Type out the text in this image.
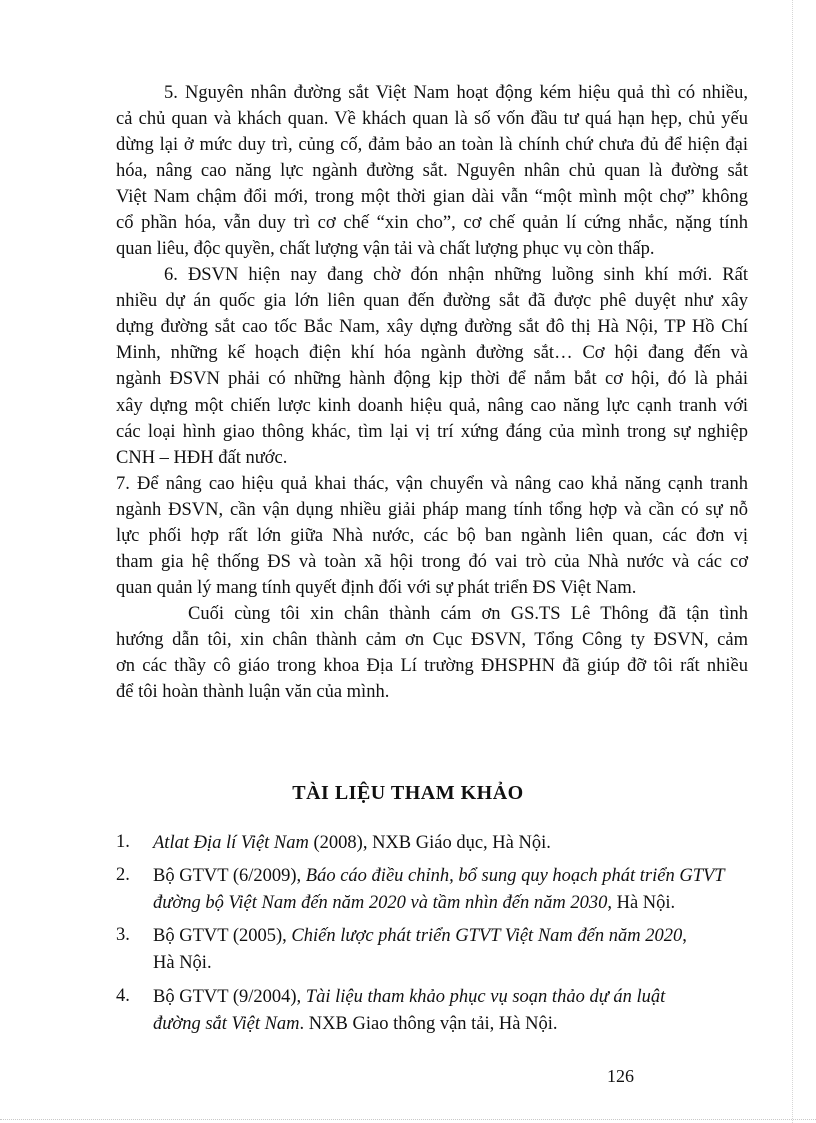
5. Nguyên nhân đường sắt Việt Nam hoạt động kém hiệu quả thì có nhiều,
cả chủ quan và khách quan. Về khách quan là số vốn đầu tư quá hạn hẹp, chủ yếu
dừng lại ở mức duy trì, củng cố, đảm bảo an toàn là chính chứ chưa đủ để hiện đại
hóa, nâng cao năng lực ngành đường sắt. Nguyên nhân chủ quan là đường sắt
Việt Nam chậm đổi mới, trong một thời gian dài vẫn “một mình một chợ” không
cổ phần hóa, vẫn duy trì cơ chế “xin cho”, cơ chế quản lí cứng nhắc, nặng tính
quan liêu, độc quyền, chất lượng vận tải và chất lượng phục vụ còn thấp.
6. ĐSVN hiện nay đang chờ đón nhận những luồng sinh khí mới. Rất
nhiều dự án quốc gia lớn liên quan đến đường sắt đã được phê duyệt như xây
dựng đường sắt cao tốc Bắc Nam, xây dựng đường sắt đô thị Hà Nội, TP Hồ Chí
Minh, những kế hoạch điện khí hóa ngành đường sắt… Cơ hội đang đến và
ngành ĐSVN phải có những hành động kịp thời để nắm bắt cơ hội, đó là phải
xây dựng một chiến lược kinh doanh hiệu quả, nâng cao năng lực cạnh tranh với
các loại hình giao thông khác, tìm lại vị trí xứng đáng của mình trong sự nghiệp
CNH – HĐH đất nước.
7. Để nâng cao hiệu quả khai thác, vận chuyển và nâng cao khả năng cạnh tranh
ngành ĐSVN, cần vận dụng nhiều giải pháp mang tính tổng hợp và cần có sự nỗ
lực phối hợp rất lớn giữa Nhà nước, các bộ ban ngành liên quan, các đơn vị
tham gia hệ thống ĐS và toàn xã hội trong đó vai trò của Nhà nước và các cơ
quan quản lý mang tính quyết định đối với sự phát triển ĐS Việt Nam.
Cuối cùng tôi xin chân thành cám ơn GS.TS Lê Thông đã tận tình
hướng dẫn tôi, xin chân thành cảm ơn Cục ĐSVN, Tổng Công ty ĐSVN, cảm
ơn các thầy cô giáo trong khoa Địa Lí trường ĐHSPHN đã giúp đỡ tôi rất nhiều
để tôi hoàn thành luận văn của mình.
TÀI LIỆU THAM KHẢO
1. Atlat Địa lí Việt Nam (2008), NXB Giáo dục, Hà Nội.
2. Bộ GTVT (6/2009), Báo cáo điều chỉnh, bổ sung quy hoạch phát triển GTVT
đường bộ Việt Nam đến năm 2020 và tầm nhìn đến năm 2030, Hà Nội.
3. Bộ GTVT (2005), Chiến lược phát triển GTVT Việt Nam đến năm 2020,
Hà Nội.
4.
126
Bộ GTVT (9/2004), Tài liệu tham khảo phục vụ soạn thảo dự án luật
đường sắt Việt Nam. NXB Giao thông vận tải, Hà Nội.
